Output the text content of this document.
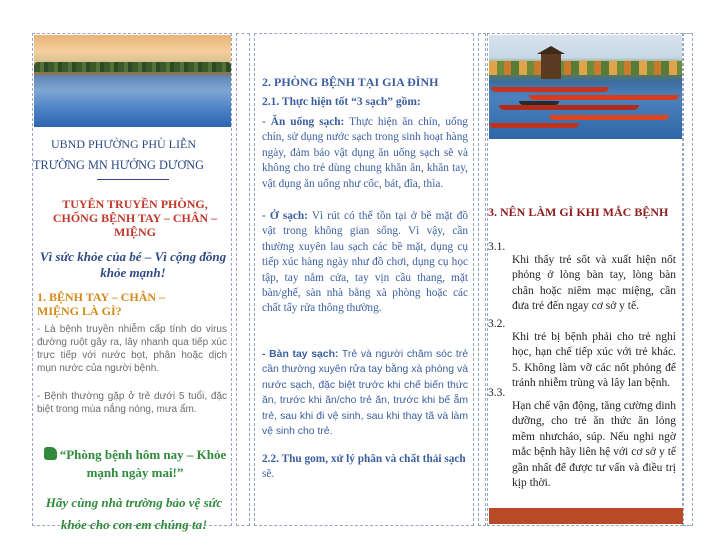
UBND PHƯỜNG PHÙ LIỄN

TRƯỜNG MN HƯỚNG DƯƠNG

TUYÊN TRUYỀN PHÒNG, CHỐNG BỆNH TAY – CHÂN – MIỆNG

Vì sức khỏe của bé – Vì cộng đồng khỏe mạnh!

1. BỆNH TAY – CHÂN – MIỆNG LÀ GÌ?

- Là bệnh truyền nhiễm cấp tính do virus đường ruột gây ra, lây nhanh qua tiếp xúc trực tiếp với nước bọt, phân hoặc dịch mụn nước của người bệnh.

- Bệnh thường gặp ở trẻ dưới 5 tuổi, đặc biệt trong mùa nắng nóng, mưa ẩm.

“Phòng bệnh hôm nay – Khỏe mạnh ngày mai!”

Hãy cùng nhà trường bảo vệ sức khỏe cho con em chúng ta!

2. PHÒNG BỆNH TẠI GIA ĐÌNH

2.1. Thực hiện tốt “3 sạch” gồm:

- Ăn uống sạch: Thực hiện ăn chín, uống chín, sử dụng nước sạch trong sinh hoạt hàng ngày, đảm bảo vật dụng ăn uống sạch sẽ và không cho trẻ dùng chung khăn ăn, khăn tay, vật dụng ăn uống như cốc, bát, đĩa, thìa.

- Ở sạch: Vì rút có thể tồn tại ở bề mặt đồ vật trong không gian sống. Vì vậy, cần thường xuyên lau sạch các bề mặt, dụng cụ tiếp xúc hàng ngày như đồ chơi, dụng cụ học tập, tay nắm cửa, tay vịn cầu thang, mặt bàn/ghế, sàn nhà bằng xà phòng hoặc các chất tẩy rửa thông thường.

- Bàn tay sạch: Trẻ và người chăm sóc trẻ cần thường xuyên rửa tay bằng xà phòng và nước sạch, đặc biệt trước khi chế biến thức ăn, trước khi ăn/cho trẻ ăn, trước khi bế ẵm trẻ, sau khi đi vệ sinh, sau khi thay tã và làm vệ sinh cho trẻ.

2.2. Thu gom, xử lý phân và chất thải sạch sẽ.

3. NÊN LÀM GÌ KHI MẮC BỆNH

3.1.

Khi thấy trẻ sốt và xuất hiện nốt phỏng ở lòng bàn tay, lòng bàn chân hoặc niêm mạc miệng, cần đưa trẻ đến ngay cơ sở y tế.

3.2.

Khi trẻ bị bệnh phải cho trẻ nghỉ học, hạn chế tiếp xúc với trẻ khác. 5. Không làm vỡ các nốt phỏng để tránh nhiễm trùng và lây lan bệnh.

3.3.

Hạn chế vận động, tăng cường dinh dưỡng, cho trẻ ăn thức ăn lỏng mềm nhưcháo, súp. Nếu nghi ngờ mắc bệnh hãy liên hệ với cơ sở y tế gần nhất để được tư vấn và điều trị kịp thời.
